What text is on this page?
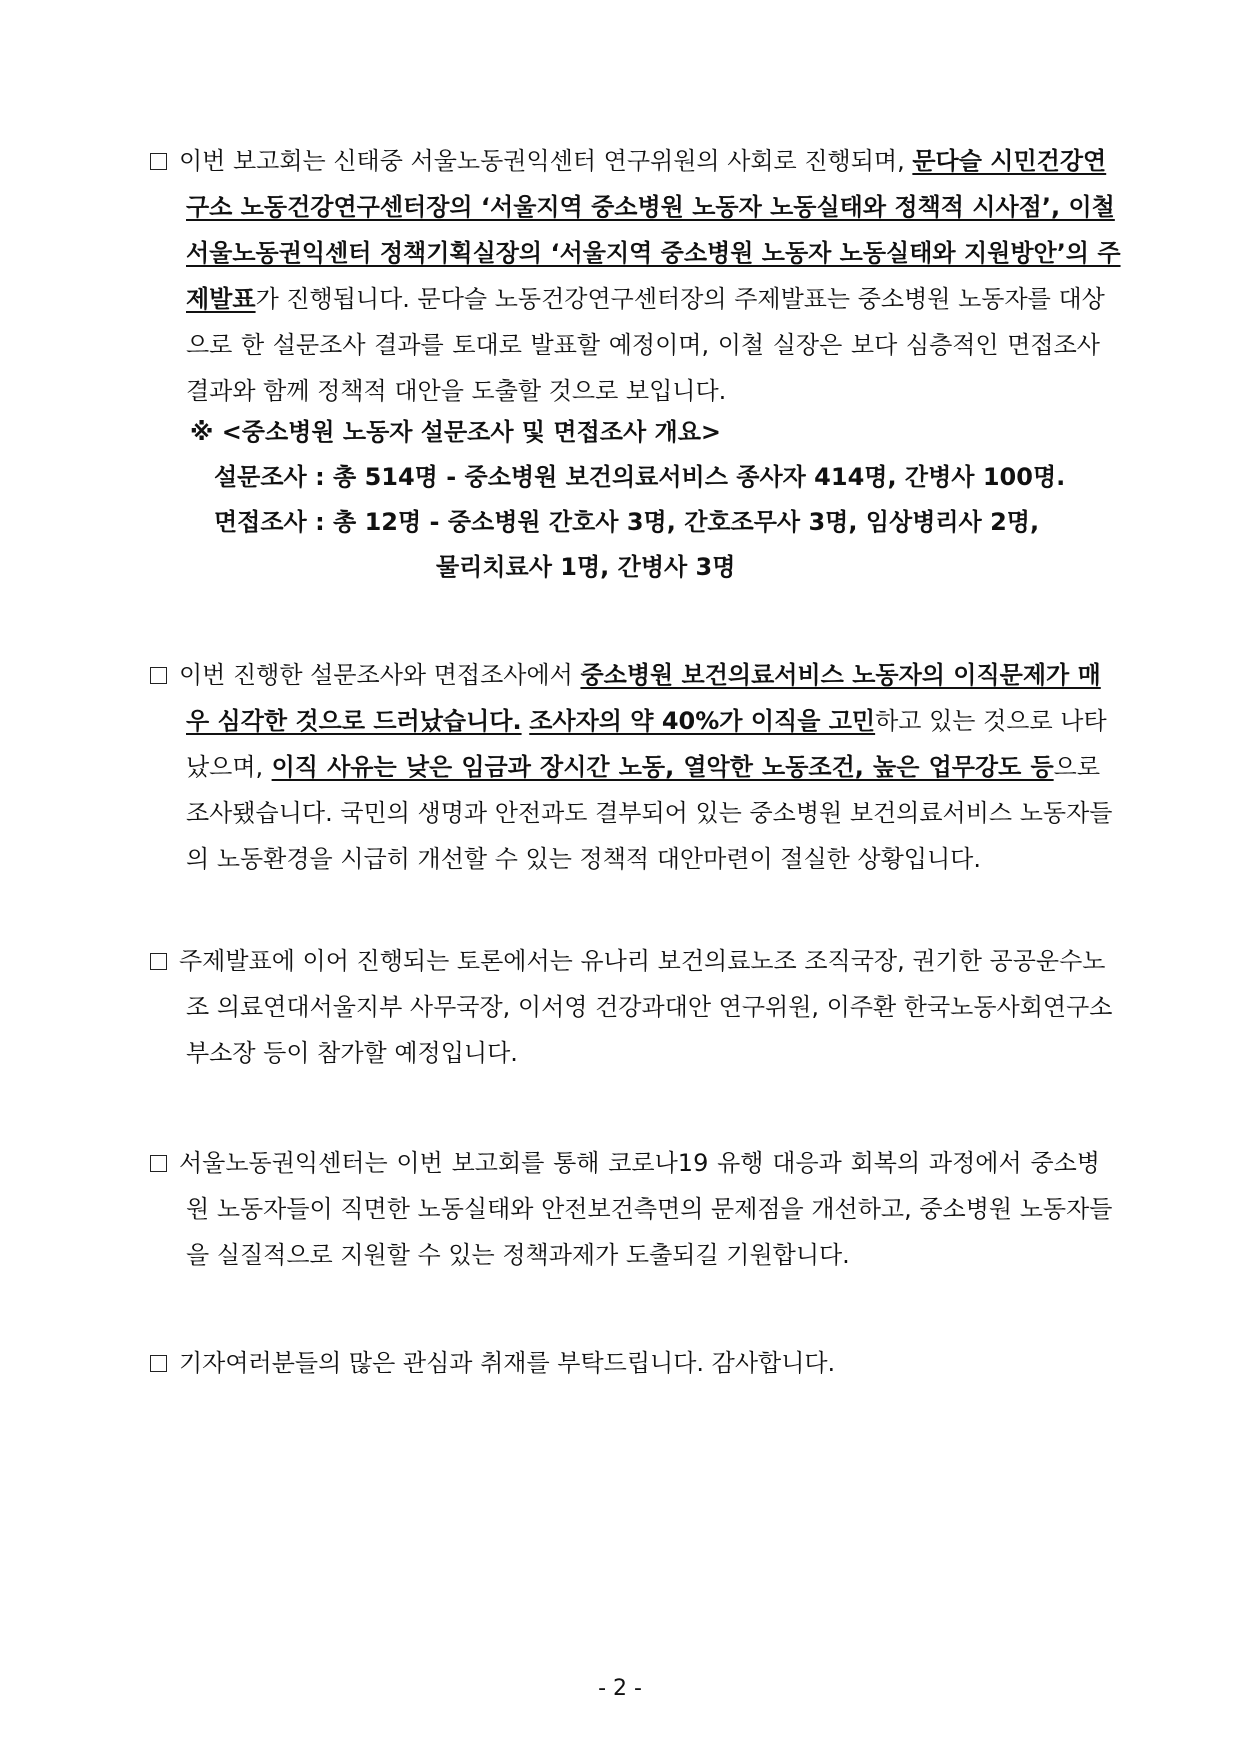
이번 보고회는 신태중 서울노동권익센터 연구위원의 사회로 진행되며, 문다슬 시민건강연
구소 노동건강연구센터장의 ‘서울지역 중소병원 노동자 노동실태와 정책적 시사점’, 이철
서울노동권익센터 정책기획실장의 ‘서울지역 중소병원 노동자 노동실태와 지원방안’의 주
제발표가 진행됩니다. 문다슬 노동건강연구센터장의 주제발표는 중소병원 노동자를 대상
으로 한 설문조사 결과를 토대로 발표할 예정이며, 이철 실장은 보다 심층적인 면접조사
결과와 함께 정책적 대안을 도출할 것으로 보입니다.
※ <중소병원 노동자 설문조사 및 면접조사 개요>
설문조사 : 총 514명 - 중소병원 보건의료서비스 종사자 414명, 간병사 100명.
면접조사 : 총 12명 - 중소병원 간호사 3명, 간호조무사 3명, 임상병리사 2명,
물리치료사 1명, 간병사 3명
이번 진행한 설문조사와 면접조사에서 중소병원 보건의료서비스 노동자의 이직문제가 매
우 심각한 것으로 드러났습니다. 조사자의 약 40%가 이직을 고민하고 있는 것으로 나타
났으며, 이직 사유는 낮은 임금과 장시간 노동, 열악한 노동조건, 높은 업무강도 등으로
조사됐습니다. 국민의 생명과 안전과도 결부되어 있는 중소병원 보건의료서비스 노동자들
의 노동환경을 시급히 개선할 수 있는 정책적 대안마련이 절실한 상황입니다.
주제발표에 이어 진행되는 토론에서는 유나리 보건의료노조 조직국장, 권기한 공공운수노
조 의료연대서울지부 사무국장, 이서영 건강과대안 연구위원, 이주환 한국노동사회연구소
부소장 등이 참가할 예정입니다.
서울노동권익센터는 이번 보고회를 통해 코로나19 유행 대응과 회복의 과정에서 중소병
원 노동자들이 직면한 노동실태와 안전보건측면의 문제점을 개선하고, 중소병원 노동자들
을 실질적으로 지원할 수 있는 정책과제가 도출되길 기원합니다.
기자여러분들의 많은 관심과 취재를 부탁드립니다. 감사합니다.
- 2 -
